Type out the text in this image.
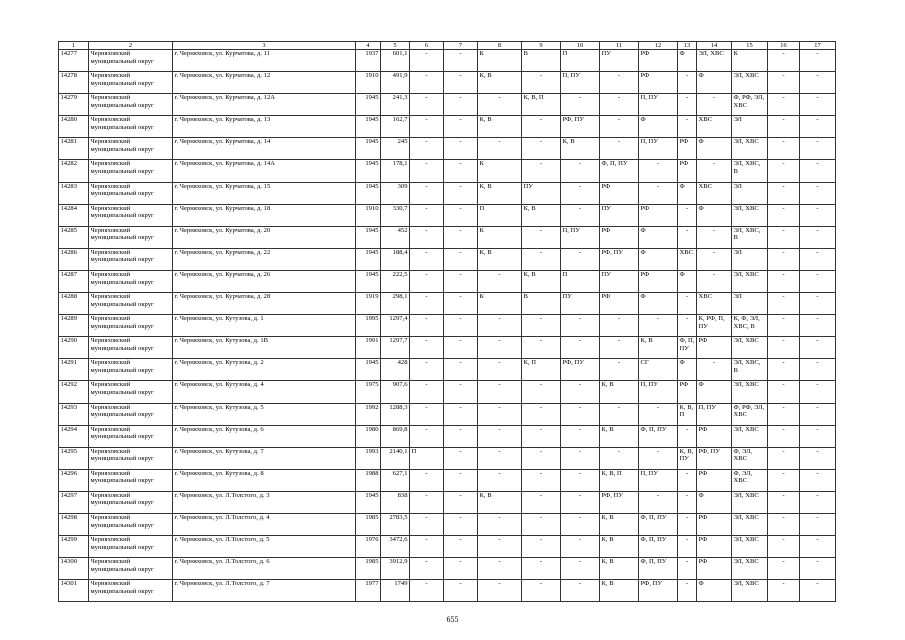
1	2	3	4	5	6	7	8	9	10	11	12	13	14	15	16	17
14277	Черняховский муниципальный округ	г. Черняховск, ул. Курчатова, д. 11	1937	601,1	-	-	К	В	П	ПУ	РФ	Ф	ЭЛ, ХВС	К	-	-
14278	Черняховский муниципальный округ	г. Черняховск, ул. Курчатова, д. 12	1910	491,9	-	-	К, В	-	П, ПУ	-	РФ	-	Ф	ЭЛ, ХВС	-	-
14279	Черняховский муниципальный округ	г. Черняховск, ул. Курчатова, д. 12А	1945	241,3	-	-	-	К, В, П	-	-	П, ПУ	-	-	Ф, РФ, ЭЛ, ХВС	-	-
14280	Черняховский муниципальный округ	г. Черняховск, ул. Курчатова, д. 13	1945	162,7	-	-	К, В	-	РФ, ПУ	-	Ф	-	ХВС	ЭЛ	-	-
14281	Черняховский муниципальный округ	г. Черняховск, ул. Курчатова, д. 14	1945	245	-	-	-	-	К, В	-	П, ПУ	РФ	Ф	ЭЛ, ХВС	-	-
14282	Черняховский муниципальный округ	г. Черняховск, ул. Курчатова, д. 14А	1945	178,1	-	-	К	-	-	Ф, П, ПУ	-	РФ	-	ЭЛ, ХВС, В	-	-
14283	Черняховский муниципальный округ	г. Черняховск, ул. Курчатова, д. 15	1945	309	-	-	К, В	ПУ	-	РФ	-	Ф	ХВС	ЭЛ	-	-
14284	Черняховский муниципальный округ	г. Черняховск, ул. Курчатова, д. 18	1910	330,7	-	-	П	К, В	-	ПУ	РФ	-	Ф	ЭЛ, ХВС	-	-
14285	Черняховский муниципальный округ	г. Черняховск, ул. Курчатова, д. 20	1945	452	-	-	К	-	П, ПУ	РФ	Ф	-	-	ЭЛ, ХВС, В	-	-
14286	Черняховский муниципальный округ	г. Черняховск, ул. Курчатова, д. 22	1945	188,4	-	-	К, В	-	-	РФ, ПУ	Ф	ХВС	-	ЭЛ	-	-
14287	Черняховский муниципальный округ	г. Черняховск, ул. Курчатова, д. 26	1945	222,5	-	-	-	К, В	П	ПУ	РФ	Ф	-	ЭЛ, ХВС	-	-
14288	Черняховский муниципальный округ	г. Черняховск, ул. Курчатова, д. 28	1919	298,1	-	-	К	В	ПУ	РФ	Ф	-	ХВС	ЭЛ	-	-
14289	Черняховский муниципальный округ	г. Черняховск, ул. Кутузова, д. 1	1995	1297,4	-	-	-	-	-	-	-	-	К, РФ, П, ПУ	К, Ф, ЭЛ, ХВС, В	-	-
14290	Черняховский муниципальный округ	г. Черняховск, ул. Кутузова, д. 1В	1991	1297,7	-	-	-	-	-	-	К, В	Ф, П, ПУ	РФ	ЭЛ, ХВС	-	-
14291	Черняховский муниципальный округ	г. Черняховск, ул. Кутузова, д. 2	1945	428	-	-	-	К, П	РФ, ПУ	-	СГ	Ф	-	ЭЛ, ХВС, В	-	-
14292	Черняховский муниципальный округ	г. Черняховск, ул. Кутузова, д. 4	1975	907,6	-	-	-	-	-	К, В	П, ПУ	РФ	Ф	ЭЛ, ХВС	-	-
14293	Черняховский муниципальный округ	г. Черняховск, ул. Кутузова, д. 5	1992	1288,3	-	-	-	-	-	-	-	К, В, П	П, ПУ	Ф, РФ, ЭЛ, ХВС	-	-
14294	Черняховский муниципальный округ	г. Черняховск, ул. Кутузова, д. 6	1980	869,8	-	-	-	-	-	К, В	Ф, П, ПУ	-	РФ	ЭЛ, ХВС	-	-
14295	Черняховский муниципальный округ	г. Черняховск, ул. Кутузова, д. 7	1993	2140,1	П	-	-	-	-	-	-	К, В, ПУ	РФ, ПУ	Ф, ЭЛ, ХВС	-	-
14296	Черняховский муниципальный округ	г. Черняховск, ул. Кутузова, д. 8	1988	627,1	-	-	-	-	-	К, В, П	П, ПУ	-	РФ	Ф, ЭЛ, ХВС	-	-
14297	Черняховский муниципальный округ	г. Черняховск, ул. Л.Толстого, д. 3	1945	838	-	-	К, В	-	-	РФ, ПУ	-	-	Ф	ЭЛ, ХВС	-	-
14298	Черняховский муниципальный округ	г. Черняховск, ул. Л.Толстого, д. 4	1985	2783,5	-	-	-	-	-	К, В	Ф, П, ПУ	-	РФ	ЭЛ, ХВС	-	-
14299	Черняховский муниципальный округ	г. Черняховск, ул. Л.Толстого, д. 5	1976	3472,6	-	-	-	-	-	К, В	Ф, П, ПУ	-	РФ	ЭЛ, ХВС	-	-
14300	Черняховский муниципальный округ	г. Черняховск, ул. Л.Толстого, д. 6	1985	3912,9	-	-	-	-	-	К, В	Ф, П, ПУ	-	РФ	ЭЛ, ХВС	-	-
14301	Черняховский муниципальный округ	г. Черняховск, ул. Л.Толстого, д. 7	1977	1749	-	-	-	-	-	К, В	РФ, ПУ	-	Ф	ЭЛ, ХВС	-	-
655
